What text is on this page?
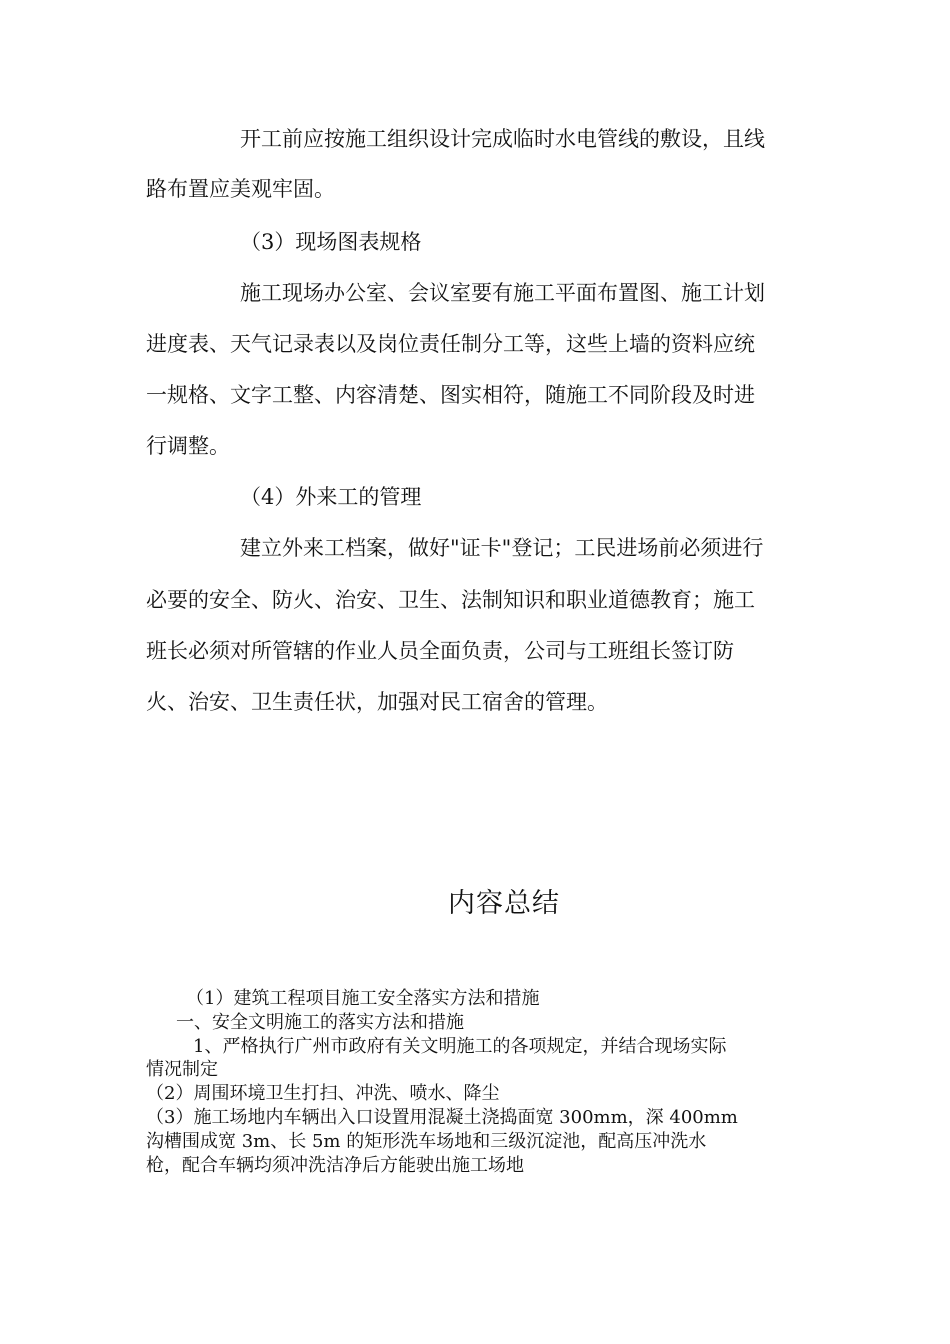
开工前应按施工组织设计完成临时水电管线的敷设，且线
路布置应美观牢固。
（3）现场图表规格
施工现场办公室、会议室要有施工平面布置图、施工计划
进度表、天气记录表以及岗位责任制分工等，这些上墙的资料应统
一规格、文字工整、内容清楚、图实相符，随施工不同阶段及时进
行调整。
（4）外来工的管理
建立外来工档案，做好"证卡"登记；工民进场前必须进行
必要的安全、防火、治安、卫生、法制知识和职业道德教育；施工
班长必须对所管辖的作业人员全面负责，公司与工班组长签订防
火、治安、卫生责任状，加强对民工宿舍的管理。
内容总结
（1）建筑工程项目施工安全落实方法和措施
一、安全文明施工的落实方法和措施
1、严格执行广州市政府有关文明施工的各项规定，并结合现场实际
情况制定
（2）周围环境卫生打扫、冲洗、喷水、降尘
（3）施工场地内车辆出入口设置用混凝土浇捣面宽 300mm，深 400mm
沟槽围成宽 3m、长 5m 的矩形洗车场地和三级沉淀池，配高压冲洗水
枪，配合车辆均须冲洗洁净后方能驶出施工场地
